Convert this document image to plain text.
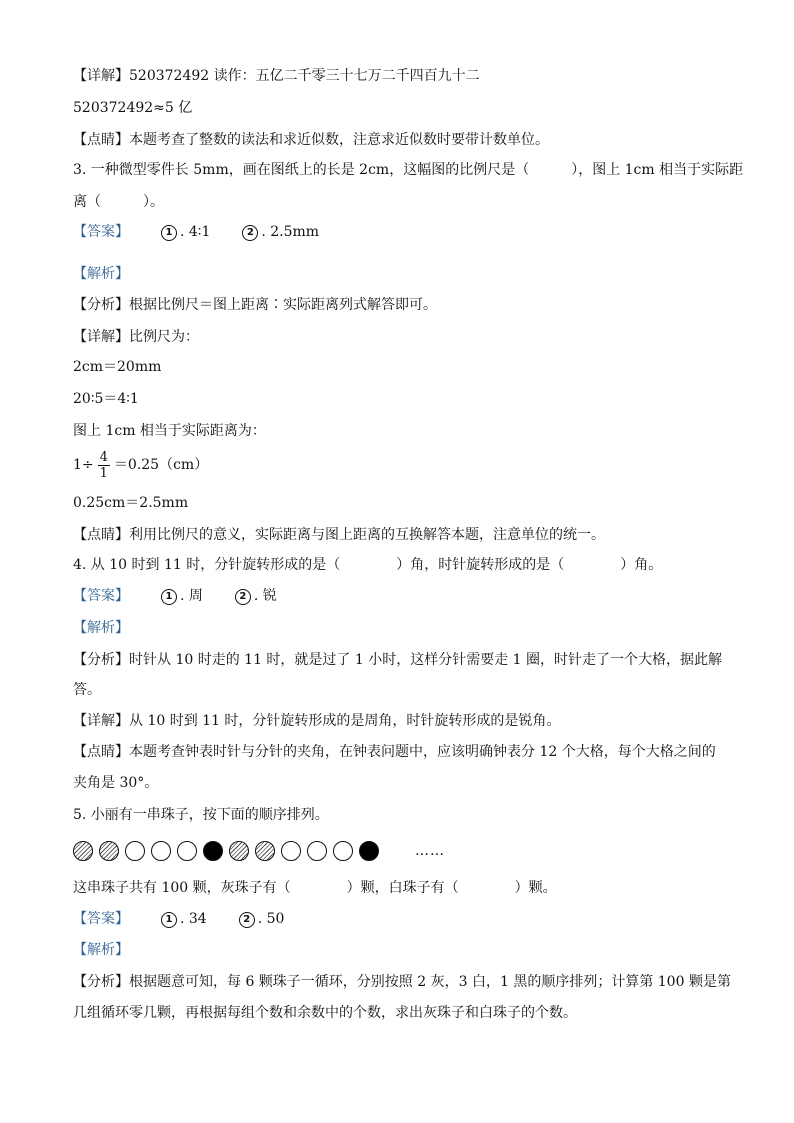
【详解】520372492 读作：五亿二千零三十七万二千四百九十二
520372492≈5 亿
【点睛】本题考查了整数的读法和求近似数，注意求近似数时要带计数单位。
3. 一种微型零件长 5mm，画在图纸上的长是 2cm，这幅图的比例尺是（　　　），图上 1cm 相当于实际距
离（　　　）。
【答案】	1 . 4∶1	2 . 2.5mm
【解析】
【分析】根据比例尺＝图上距离∶实际距离列式解答即可。
【详解】比例尺为：
2cm＝20mm
20∶5＝4∶1
图上 1cm 相当于实际距离为：
$1\div \frac{4}{1} =0.25(cm)$
0.25cm＝2.5mm
【点睛】利用比例尺的意义，实际距离与图上距离的互换解答本题，注意单位的统一。
4. 从 10 时到 11 时，分针旋转形成的是（　　　　）角，时针旋转形成的是（　　　　）角。
【答案】	1 . 周	2 . 锐
【解析】
【分析】时针从 10 时走的 11 时，就是过了 1 小时，这样分针需要走 1 圈，时针走了一个大格，据此解
答。
【详解】从 10 时到 11 时，分针旋转形成的是周角，时针旋转形成的是锐角。
【点睛】本题考查钟表时针与分针的夹角，在钟表问题中，应该明确钟表分 12 个大格，每个大格之间的
夹角是 30°。
5. 小丽有一串珠子，按下面的顺序排列。
……
这串珠子共有 100 颗，灰珠子有（　　　　）颗，白珠子有（　　　　）颗。
【答案】	1 . 34	2 . 50
【解析】
【分析】根据题意可知，每 6 颗珠子一循环，分别按照 2 灰，3 白，1 黑的顺序排列；计算第 100 颗是第
几组循环零几颗，再根据每组个数和余数中的个数，求出灰珠子和白珠子的个数。
